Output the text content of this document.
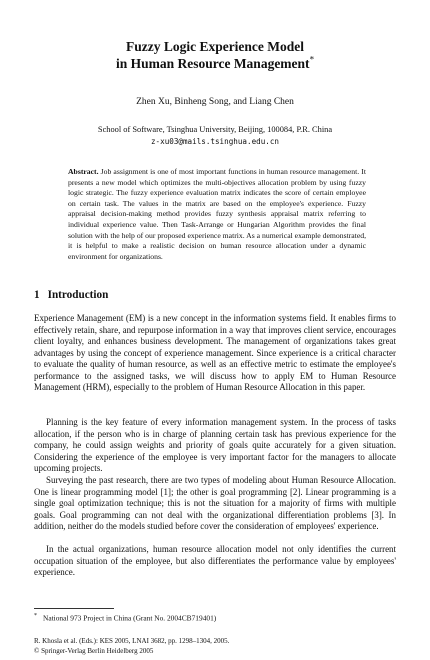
Fuzzy Logic Experience Model
in Human Resource Management*
Zhen Xu, Binheng Song, and Liang Chen
School of Software, Tsinghua University, Beijing, 100084, P.R. China
z-xu03@mails.tsinghua.edu.cn
Abstract. Job assignment is one of most important functions in human resource management. It presents a new model which optimizes the multi-objectives allocation problem by using fuzzy logic strategic. The fuzzy experience evaluation matrix indicates the score of certain employee on certain task. The values in the matrix are based on the employee's experience. Fuzzy appraisal decision-making method provides fuzzy synthesis appraisal matrix referring to individual experience value. Then Task-Arrange or Hungarian Algorithm provides the final solution with the help of our proposed experience matrix. As a numerical example demonstrated, it is helpful to make a realistic decision on human resource allocation under a dynamic environment for organizations.
1 Introduction

Experience Management (EM) is a new concept in the information systems field. It enables firms to effectively retain, share, and repurpose information in a way that improves client service, encourages client loyalty, and enhances business development. The management of organizations takes great advantages by using the concept of experience management. Since experience is a critical character to evaluate the quality of human resource, as well as an effective metric to estimate the employee's performance to the assigned tasks, we will discuss how to apply EM to Human Resource Management (HRM), especially to the problem of Human Resource Allocation in this paper.

Planning is the key feature of every information management system. In the process of tasks allocation, if the person who is in charge of planning certain task has previous experience for the company, he could assign weights and priority of goals quite accurately for a given situation. Considering the experience of the employee is very important factor for the managers to allocate upcoming projects.

Surveying the past research, there are two types of modeling about Human Resource Allocation. One is linear programming model [1]; the other is goal programming [2]. Linear programming is a single goal optimization technique; this is not the situation for a majority of firms with multiple goals. Goal programming can not deal with the organizational differentiation problems [3]. In addition, neither do the models studied before cover the consideration of employees' experience.

In the actual organizations, human resource allocation model not only identifies the current occupation situation of the employee, but also differentiates the performance value by employees' experience.

* National 973 Project in China (Grant No. 2004CB719401)
R. Khosla et al. (Eds.): KES 2005, LNAI 3682, pp. 1298–1304, 2005.
© Springer-Verlag Berlin Heidelberg 2005
